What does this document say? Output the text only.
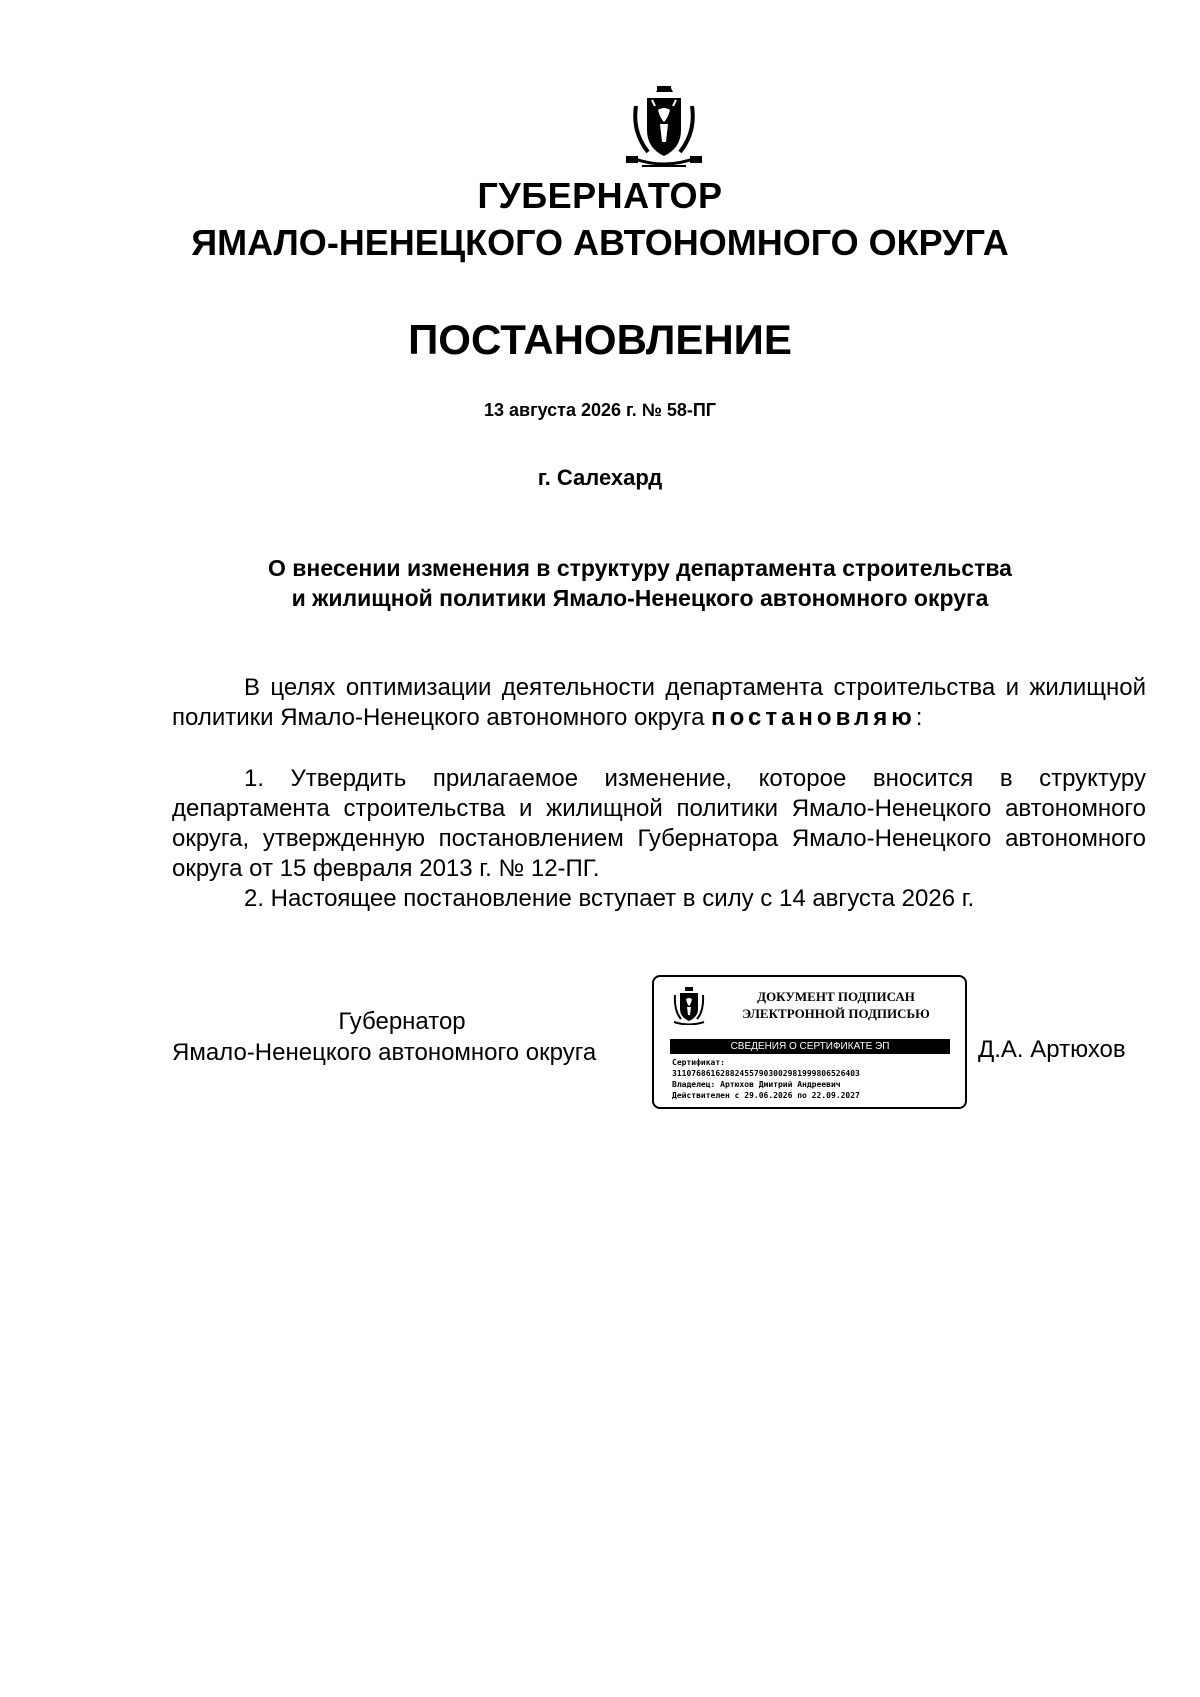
ГУБЕРНАТОР
ЯМАЛО-НЕНЕЦКОГО АВТОНОМНОГО ОКРУГА
ПОСТАНОВЛЕНИЕ
13 августа 2026 г. № 58-ПГ
г. Салехард
О внесении изменения в структуру департамента строительства
и жилищной политики Ямало-Ненецкого автономного округа
В целях оптимизации деятельности департамента строительства и жилищной политики Ямало-Ненецкого автономного округа постановляю:
1. Утвердить прилагаемое изменение, которое вносится в структуру департамента строительства и жилищной политики Ямало-Ненецкого автономного округа, утвержденную постановлением Губернатора Ямало-Ненецкого автономного округа от 15 февраля 2013 г. № 12-ПГ.
2. Настоящее постановление вступает в силу с 14 августа 2026 г.
Губернатор
Ямало-Ненецкого автономного округа
ДОКУМЕНТ ПОДПИСАН
ЭЛЕКТРОННОЙ ПОДПИСЬЮ
СВЕДЕНИЯ О СЕРТИФИКАТЕ ЭП
Сертификат:
31107686162882455790300298199980652640З
Владелец: Артюхов Дмитрий Андреевич
Действителен с 29.06.2026 по 22.09.2027
Д.А. Артюхов
